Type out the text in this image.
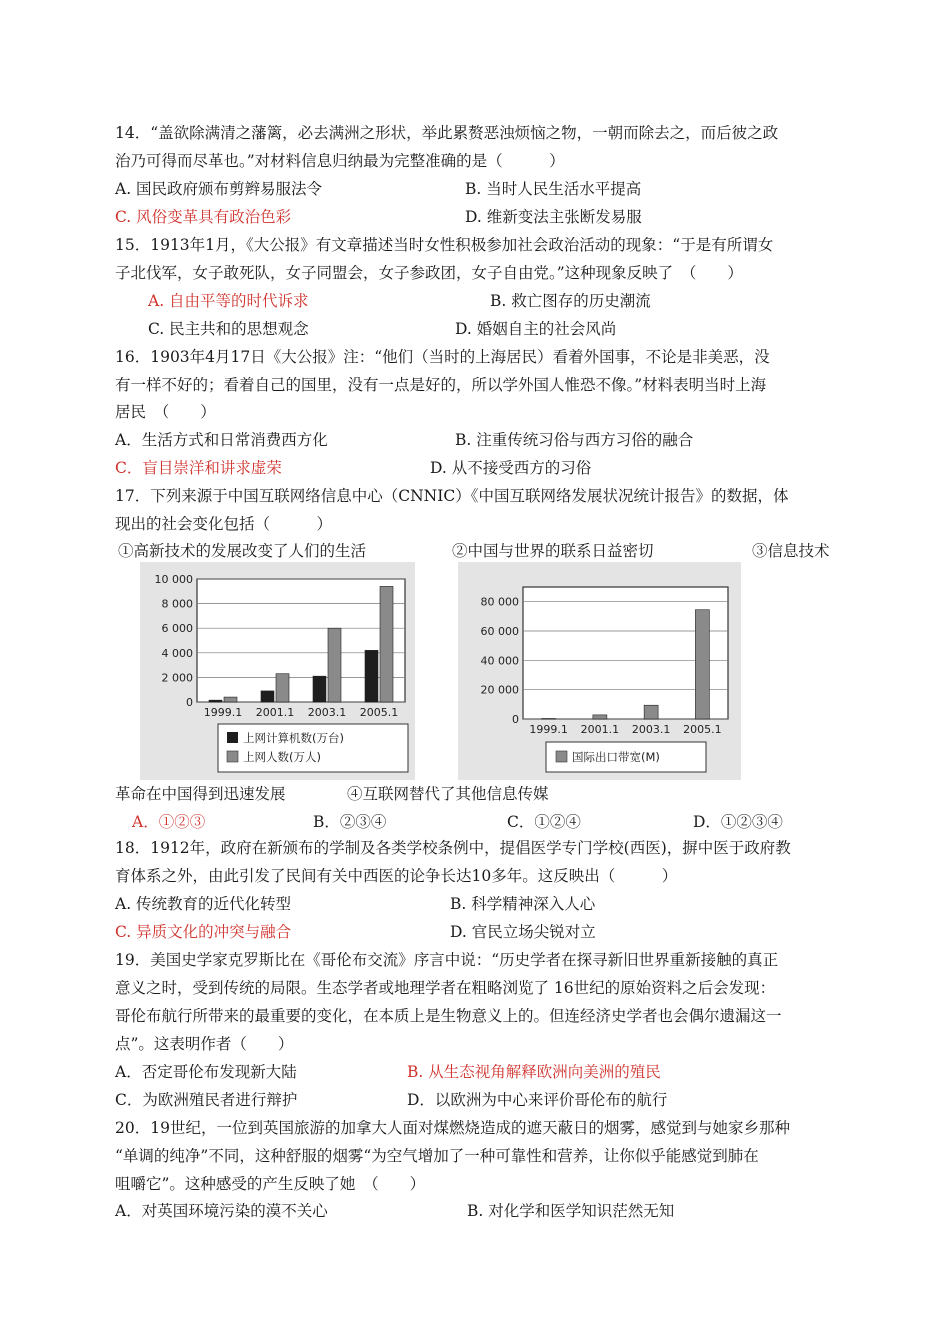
14．“盖欲除满清之藩篱，必去满洲之形状，举此累赘恶浊烦恼之物，一朝而除去之，而后彼之政
治乃可得而尽革也。”对材料信息归纳最为完整准确的是（　　　）
A. 国民政府颁布剪辫易服法令	B. 当时人民生活水平提高
C. 风俗变革具有政治色彩	D. 维新变法主张断发易服
15．1913年1月，《大公报》有文章描述当时女性积极参加社会政治活动的现象：“于是有所谓女
子北伐军，女子敢死队，女子同盟会，女子参政团，女子自由党。”这种现象反映了　（　　）
A. 自由平等的时代诉求	B. 救亡图存的历史潮流
C. 民主共和的思想观念	D. 婚姻自主的社会风尚
16．1903年4月17日《大公报》注：“他们（当时的上海居民）看着外国事，不论是非美恶，没
有一样不好的；看着自己的国里，没有一点是好的，所以学外国人惟恐不像。”材料表明当时上海
居民　（　　）
A．生活方式和日常消费西方化	B. 注重传统习俗与西方习俗的融合
C．盲目崇洋和讲求虚荣	D. 从不接受西方的习俗
17．下列来源于中国互联网络信息中心（CNNIC）《中国互联网络发展状况统计报告》的数据，体
现出的社会变化包括（　　　）
①高新技术的发展改变了人们的生活	②中国与世界的联系日益密切	③信息技术
0
2 000
4 000
6 000
8 000
10 000
1999.1 2001.1 2003.1 2005.1
上网计算机数(万台)
上网人数(万人)
0
20 000
40 000
60 000
80 000
1999.1 2001.1 2003.1 2005.1
国际出口带宽(M)
革命在中国得到迅速发展	④互联网替代了其他信息传媒
A．①②③	B．②③④	C．①②④	D．①②③④
18．1912年，政府在新颁布的学制及各类学校条例中，提倡医学专门学校(西医)，摒中医于政府教
育体系之外，由此引发了民间有关中西医的论争长达10多年。这反映出（　　　）
A. 传统教育的近代化转型	B. 科学精神深入人心
C. 异质文化的冲突与融合	D. 官民立场尖锐对立
19．美国史学家克罗斯比在《哥伦布交流》序言中说：“历史学者在探寻新旧世界重新接触的真正
意义之时，受到传统的局限。生态学者或地理学者在粗略浏览了 16世纪的原始资料之后会发现：
哥伦布航行所带来的最重要的变化，在本质上是生物意义上的。但连经济史学者也会偶尔遗漏这一
点”。这表明作者（　　）
A．否定哥伦布发现新大陆	B. 从生态视角解释欧洲向美洲的殖民
C．为欧洲殖民者进行辩护	D．以欧洲为中心来评价哥伦布的航行
20．19世纪，一位到英国旅游的加拿大人面对煤燃烧造成的遮天蔽日的烟雾，感觉到与她家乡那种
“单调的纯净”不同，这种舒服的烟雾“为空气增加了一种可靠性和营养，让你似乎能感觉到肺在
咀嚼它”。这种感受的产生反映了她　（　　）
A．对英国环境污染的漠不关心	B. 对化学和医学知识茫然无知
